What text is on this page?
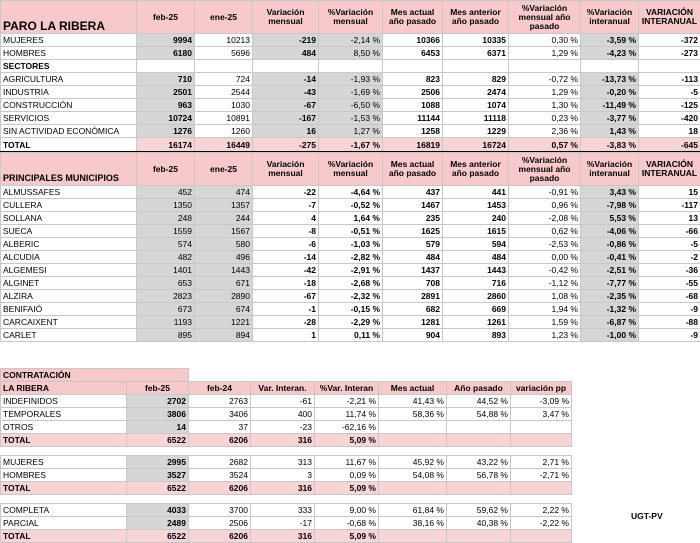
PARO LA RIBERA	feb-25	ene-25	Variación mensual	%Variación mensual	Mes actual año pasado	Mes anterior año pasado	%Variación mensual año pasado	%Variación interanual	VARIACIÓN INTERANUAL
MUJERES	9994	10213	-219	-2,14 %	10366	10335	0,30 %	-3,59 %	-372
HOMBRES	6180	5696	484	8,50 %	6453	6371	1,29 %	-4,23 %	-273
SECTORES									
AGRICULTURA	710	724	-14	-1,93 %	823	829	-0,72 %	-13,73 %	-113
INDUSTRIA	2501	2544	-43	-1,69 %	2506	2474	1,29 %	-0,20 %	-5
CONSTRUCCIÓN	963	1030	-67	-6,50 %	1088	1074	1,30 %	-11,49 %	-125
SERVICIOS	10724	10891	-167	-1,53 %	11144	11118	0,23 %	-3,77 %	-420
SIN ACTIVIDAD ECONÓMICA	1276	1260	16	1,27 %	1258	1229	2,36 %	1,43 %	18
TOTAL	16174	16449	-275	-1,67 %	16819	16724	0,57 %	-3,83 %	-645
PRINCIPALES MUNICIPIOS	feb-25	ene-25	Variación mensual	%Variación mensual	Mes actual año pasado	Mes anterior año pasado	%Variación mensual año pasado	%Variación interanual	VARIACIÓN INTERANUAL
ALMUSSAFES	452	474	-22	-4,64 %	437	441	-0,91 %	3,43 %	15
CULLERA	1350	1357	-7	-0,52 %	1467	1453	0,96 %	-7,98 %	-117
SOLLANA	248	244	4	1,64 %	235	240	-2,08 %	5,53 %	13
SUECA	1559	1567	-8	-0,51 %	1625	1615	0,62 %	-4,06 %	-66
ALBERIC	574	580	-6	-1,03 %	579	594	-2,53 %	-0,86 %	-5
ALCUDIA	482	496	-14	-2,82 %	484	484	0,00 %	-0,41 %	-2
ALGEMESI	1401	1443	-42	-2,91 %	1437	1443	-0,42 %	-2,51 %	-36
ALGINET	653	671	-18	-2,68 %	708	716	-1,12 %	-7,77 %	-55
ALZIRA	2823	2890	-67	-2,32 %	2891	2860	1,08 %	-2,35 %	-68
BENIFAIÓ	673	674	-1	-0,15 %	682	669	1,94 %	-1,32 %	-9
CARCAIXENT	1193	1221	-28	-2,29 %	1281	1261	1,59 %	-6,87 %	-88
CARLET	895	894	1	0,11 %	904	893	1,23 %	-1,00 %	-9
CONTRATACIÓN							
LA RIBERA	feb-25	feb-24	Var. Interan.	%Var. Interan	Mes actual	Año pasado	variación pp
INDEFINIDOS	2702	2763	-61	-2,21 %	41,43 %	44,52 %	-3,09 %
TEMPORALES	3806	3406	400	11,74 %	58,36 %	54,88 %	3,47 %
OTROS	14	37	-23	-62,16 %			
TOTAL	6522	6206	316	5,09 %			

MUJERES	2995	2682	313	11,67 %	45,92 %	43,22 %	2,71 %
HOMBRES	3527	3524	3	0,09 %	54,08 %	56,78 %	-2,71 %
TOTAL	6522	6206	316	5,09 %			

COMPLETA	4033	3700	333	9,00 %	61,84 %	59,62 %	2,22 %
PARCIAL	2489	2506	-17	-0,68 %	38,16 %	40,38 %	-2,22 %
TOTAL	6522	6206	316	5,09 %			
UGT-PV
